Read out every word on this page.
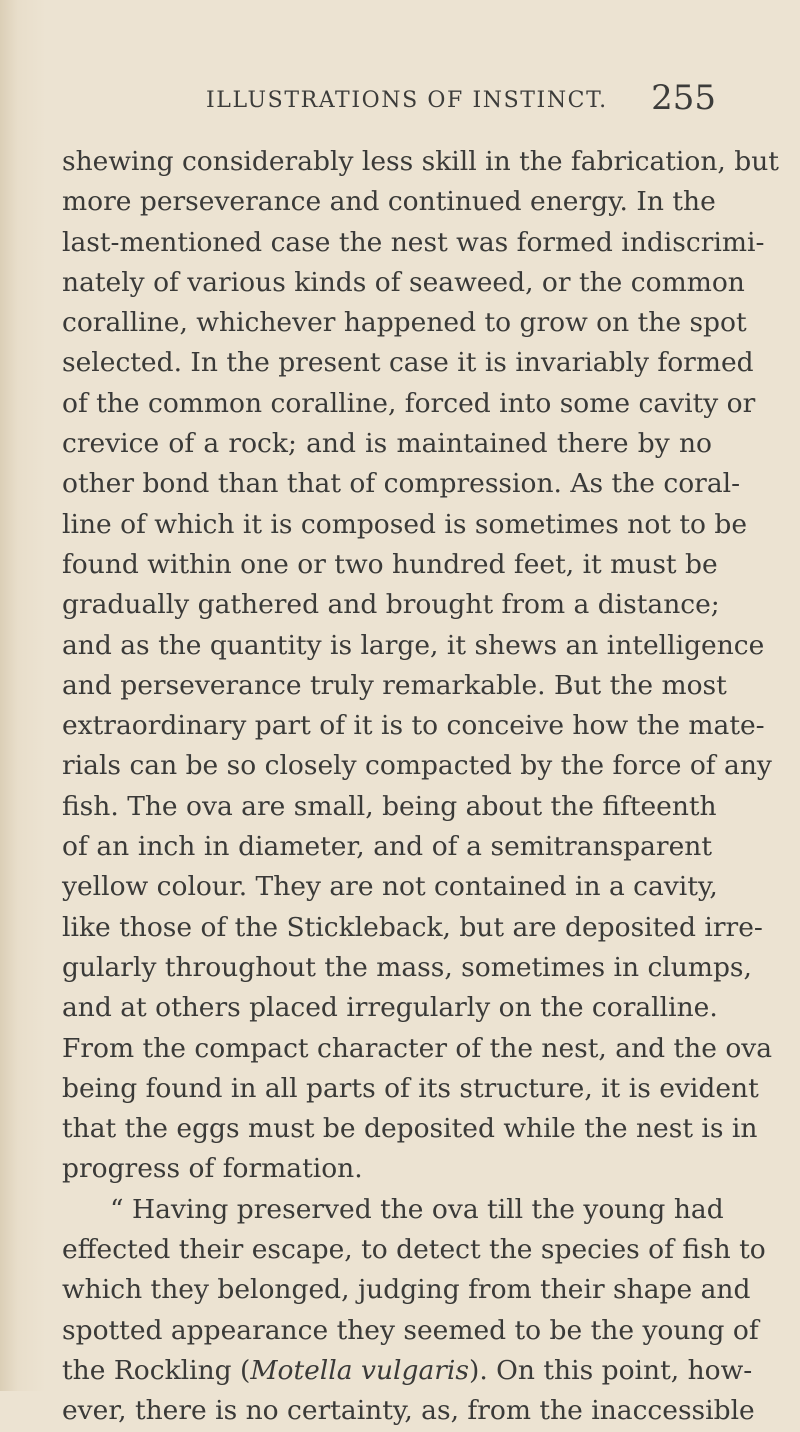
ILLUSTRATIONS OF INSTINCT. 255
shewing considerably less skill in the fabrication, but
more perseverance and continued energy. In the
last-mentioned case the nest was formed indiscrimi-
nately of various kinds of seaweed, or the common
coralline, whichever happened to grow on the spot
selected. In the present case it is invariably formed
of the common coralline, forced into some cavity or
crevice of a rock; and is maintained there by no
other bond than that of compression. As the coral-
line of which it is composed is sometimes not to be
found within one or two hundred feet, it must be
gradually gathered and brought from a distance;
and as the quantity is large, it shews an intelligence
and perseverance truly remarkable. But the most
extraordinary part of it is to conceive how the mate-
rials can be so closely compacted by the force of any
fish. The ova are small, being about the fifteenth
of an inch in diameter, and of a semitransparent
yellow colour. They are not contained in a cavity,
like those of the Stickleback, but are deposited irre-
gularly throughout the mass, sometimes in clumps,
and at others placed irregularly on the coralline.
From the compact character of the nest, and the ova
being found in all parts of its structure, it is evident
that the eggs must be deposited while the nest is in
progress of formation.
“ Having preserved the ova till the young had
effected their escape, to detect the species of fish to
which they belonged, judging from their shape and
spotted appearance they seemed to be the young of
the Rockling (Motella vulgaris). On this point, how-
ever, there is no certainty, as, from the inaccessible
